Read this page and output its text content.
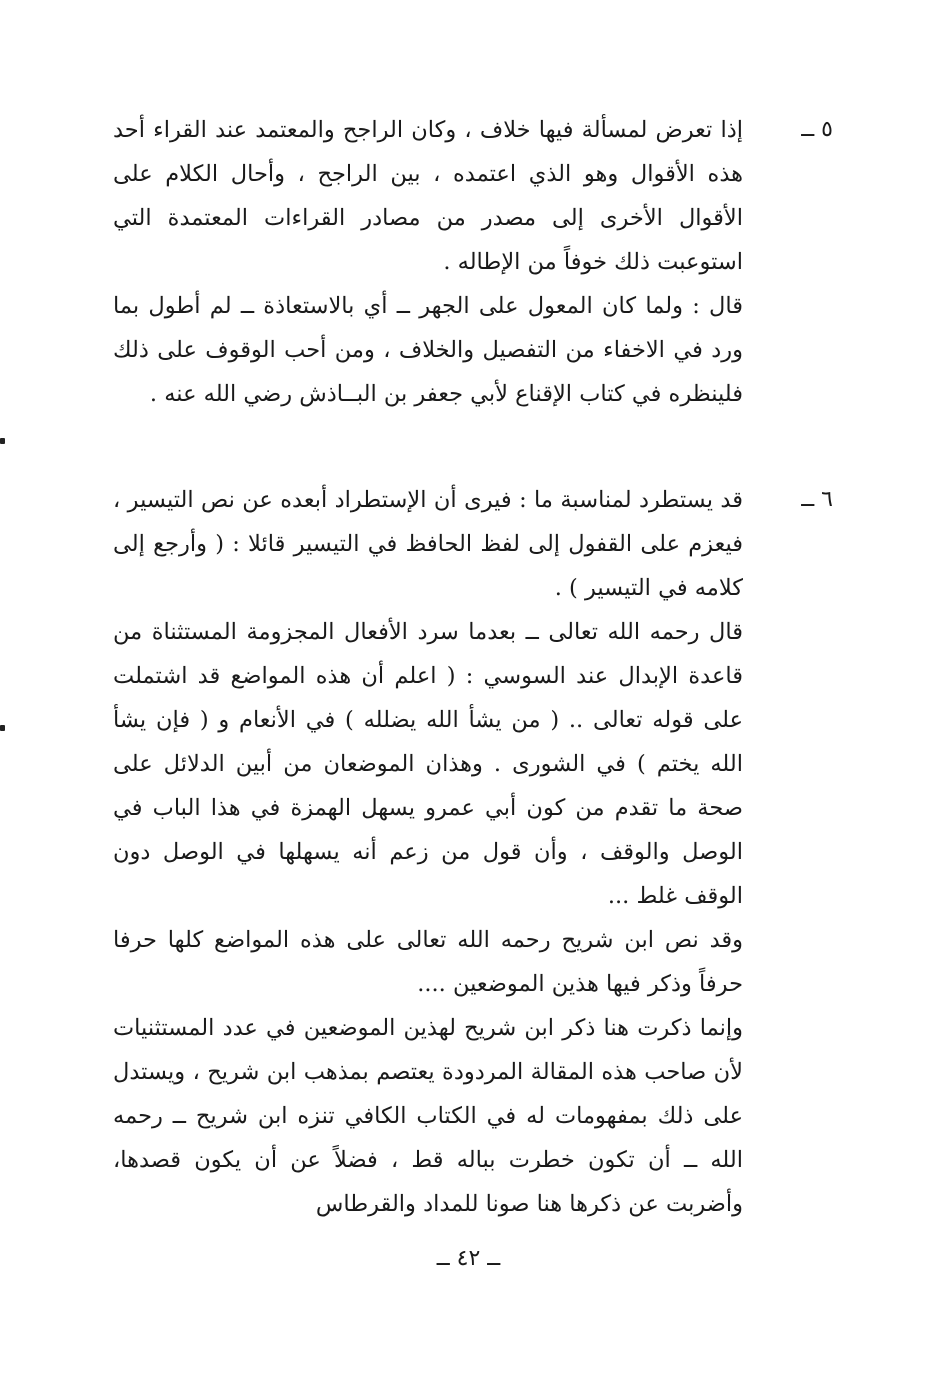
٥ ــ

إذا تعرض لمسألة فيها خلاف ، وكان الراجح والمعتمد عند القراء أحد هذه الأقوال وهو الذي اعتمده ، بين الراجح ، وأحال الكلام على الأقوال الأخرى إلى مصدر من مصادر القراءات المعتمدة التي استوعبت ذلك خوفاً من الإطاله .

قال : ولما كان المعول على الجهر ــ أي بالاستعاذة ــ لم أطول بما ورد في الاخفاء من التفصيل والخلاف ، ومن أحب الوقوف على ذلك فلينظره في كتاب الإقناع لأبي جعفر بن البــاذش رضي الله عنه .

٦ ــ

قد يستطرد لمناسبة ما : فيرى أن الإستطراد أبعده عن نص التيسير ، فيعزم على القفول إلى لفظ الحافظ في التيسير قائلا : ( وأرجع إلى كلامه في التيسير ) .

قال رحمه الله تعالى ــ بعدما سرد الأفعال المجزومة المستثناة من قاعدة الإبدال عند السوسي : ( اعلم أن هذه المواضع قد اشتملت على قوله تعالى .. ( من يشأ الله يضلله ) في الأنعام و ( فإن يشأ الله يختم ) في الشورى . وهذان الموضعان من أبين الدلائل على صحة ما تقدم من كون أبي عمرو يسهل الهمزة في هذا الباب في الوصل والوقف ، وأن قول من زعم أنه يسهلها في الوصل دون الوقف غلط ...

وقد نص ابن شريح رحمه الله تعالى على هذه المواضع كلها حرفا حرفاً وذكر فيها هذين الموضعين ....

وإنما ذكرت هنا ذكر ابن شريح لهذين الموضعين في عدد المستثنيات لأن صاحب هذه المقالة المردودة يعتصم بمذهب ابن شريح ، ويستدل على ذلك بمفهومات له في الكتاب الكافي تنزه ابن شريح ــ رحمه الله ــ أن تكون خطرت بباله قط ، فضلاً عن أن يكون قصدها، وأضربت عن ذكرها هنا صونا للمداد والقرطاس

ــ ٤٢ ــ
